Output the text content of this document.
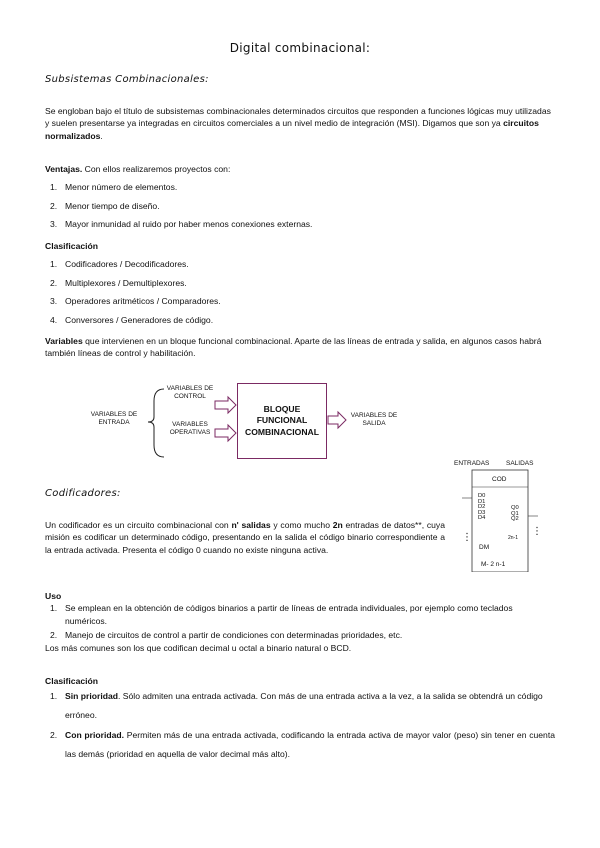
Digital combinacional:
Subsistemas Combinacionales:

Se engloban bajo el título de subsistemas combinacionales determinados circuitos que responden a funciones lógicas muy utilizadas y suelen presentarse ya integradas en circuitos comerciales a un nivel medio de integración (MSI). Digamos que son ya circuitos normalizados.

Ventajas. Con ellos realizaremos proyectos con:

1. Menor número de elementos.
2. Menor tiempo de diseño.
3. Mayor inmunidad al ruido por haber menos conexiones externas.

Clasificación

1. Codificadores / Decodificadores.
2. Multiplexores / Demultiplexores.
3. Operadores aritméticos / Comparadores.
4. Conversores / Generadores de código.

Variables que intervienen en un bloque funcional combinacional. Aparte de las líneas de entrada y salida, en algunos casos habrá también líneas de control y habilitación.

VARIABLES DE ENTRADA
VARIABLES DE CONTROL
VARIABLES OPERATIVAS
BLOQUE FUNCIONAL COMBINACIONAL
VARIABLES DE SALIDA
ENTRADAS	SALIDAS
COD
D0
D1
D2
D3
D4
Q0
Q1
Q2
⋮
⋮
2n-1
DM
M- 2 n-1
Codificadores:

Un codificador es un circuito combinacional con n' salidas y como mucho 2n entradas de datos**, cuya misión es codificar un determinado código, presentando en la salida el código binario correspondiente a la entrada activada. Presenta el código 0 cuando no existe ninguna activa.

Uso

1. Se emplean en la obtención de códigos binarios a partir de líneas de entrada individuales, por ejemplo como teclados numéricos.
2. Manejo de circuitos de control a partir de condiciones con determinadas prioridades, etc.

Los más comunes son los que codifican decimal u octal a binario natural o BCD.

Clasificación

1. Sin prioridad. Sólo admiten una entrada activada. Con más de una entrada activa a la vez, a la salida se obtendrá un código erróneo.
2. Con prioridad. Permiten más de una entrada activada, codificando la entrada activa de mayor valor (peso) sin tener en cuenta las demás (prioridad en aquella de valor decimal más alto).
